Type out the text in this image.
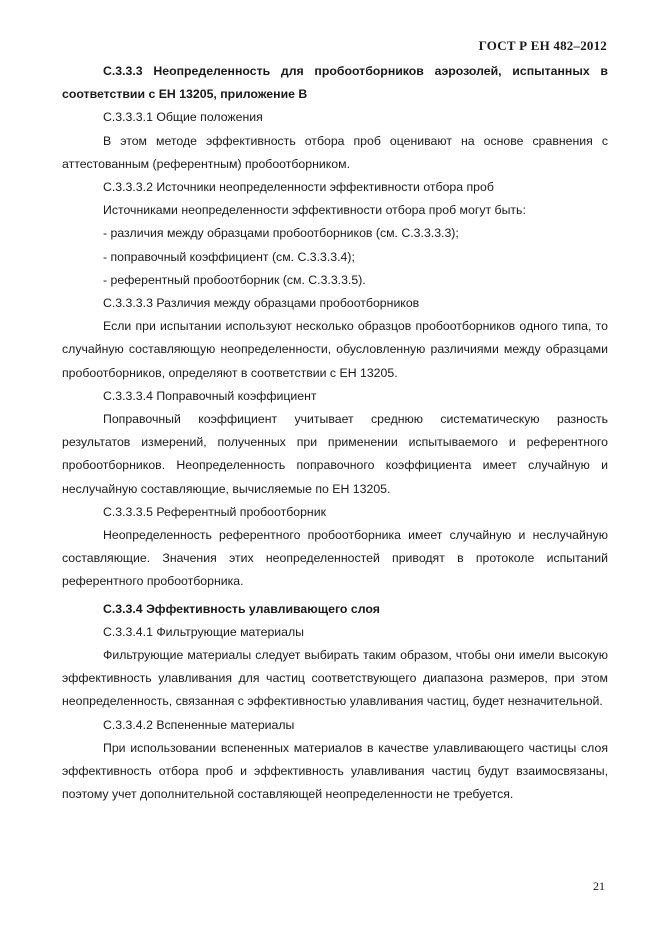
ГОСТ Р ЕН 482–2012

С.3.3.3 Неопределенность для пробоотборников аэрозолей, испытанных в соответствии с ЕН 13205, приложение В

С.3.3.3.1 Общие положения

В этом методе эффективность отбора проб оценивают на основе сравнения с аттестованным (референтным) пробоотборником.

С.3.3.3.2 Источники неопределенности эффективности отбора проб

Источниками неопределенности эффективности отбора проб могут быть:

- различия между образцами пробоотборников (см. С.3.3.3.3);

- поправочный коэффициент (см. С.3.3.3.4);

- референтный пробоотборник (см. С.3.3.3.5).

С.3.3.3.3 Различия между образцами пробоотборников

Если при испытании используют несколько образцов пробоотборников одного типа, то случайную составляющую неопределенности, обусловленную различиями между образцами пробоотборников, определяют в соответствии с ЕН 13205.

С.3.3.3.4 Поправочный коэффициент

Поправочный коэффициент учитывает среднюю систематическую разность результатов измерений, полученных при применении испытываемого и референтного пробоотборников. Неопределенность поправочного коэффициента имеет случайную и неслучайную составляющие, вычисляемые по ЕН 13205.

С.3.3.3.5 Референтный пробоотборник

Неопределенность референтного пробоотборника имеет случайную и неслучайную составляющие. Значения этих неопределенностей приводят в протоколе испытаний референтного пробоотборника.

С.3.3.4 Эффективность улавливающего слоя

С.3.3.4.1 Фильтрующие материалы

Фильтрующие материалы следует выбирать таким образом, чтобы они имели высокую эффективность улавливания для частиц соответствующего диапазона размеров, при этом неопределенность, связанная с эффективностью улавливания частиц, будет незначительной.

С.3.3.4.2 Вспененные материалы

При использовании вспененных материалов в качестве улавливающего частицы слоя эффективность отбора проб и эффективность улавливания частиц будут взаимосвязаны, поэтому учет дополнительной составляющей неопределенности не требуется.

21
